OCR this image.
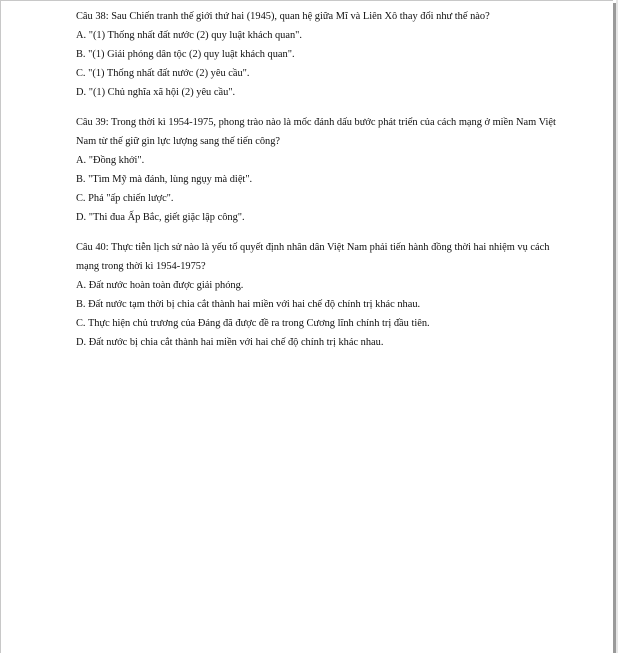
Câu 38: Sau Chiến tranh thế giới thứ hai (1945), quan hệ giữa Mĩ và Liên Xô thay đổi như thế nào?
A. "(1) Thống nhất đất nước (2) quy luật khách quan".
B. "(1) Giải phóng dân tộc (2) quy luật khách quan".
C. "(1) Thống nhất đất nước (2) yêu cầu".
D. "(1) Chủ nghĩa xã hội (2) yêu cầu".
Câu 39: Trong thời kì 1954-1975, phong trào nào là mốc đánh dấu bước phát triển của cách mạng ở miền Nam Việt Nam từ thế giữ gìn lực lượng sang thế tiến công?
A. "Đồng khởi".
B. "Tìm Mỹ mà đánh, lùng ngụy mà diệt".
C. Phá "ấp chiến lược".
D. "Thi đua Ấp Bắc, giết giặc lập công".
Câu 40: Thực tiễn lịch sử nào là yếu tố quyết định nhân dân Việt Nam phải tiến hành đồng thời hai nhiệm vụ cách mạng trong thời kì 1954-1975?
A. Đất nước hoàn toàn được giải phóng.
B. Đất nước tạm thời bị chia cắt thành hai miền với hai chế độ chính trị khác nhau.
C. Thực hiện chủ trương của Đảng đã được đề ra trong Cương lĩnh chính trị đầu tiên.
D. Đất nước bị chia cắt thành hai miền với hai chế độ chính trị khác nhau.
